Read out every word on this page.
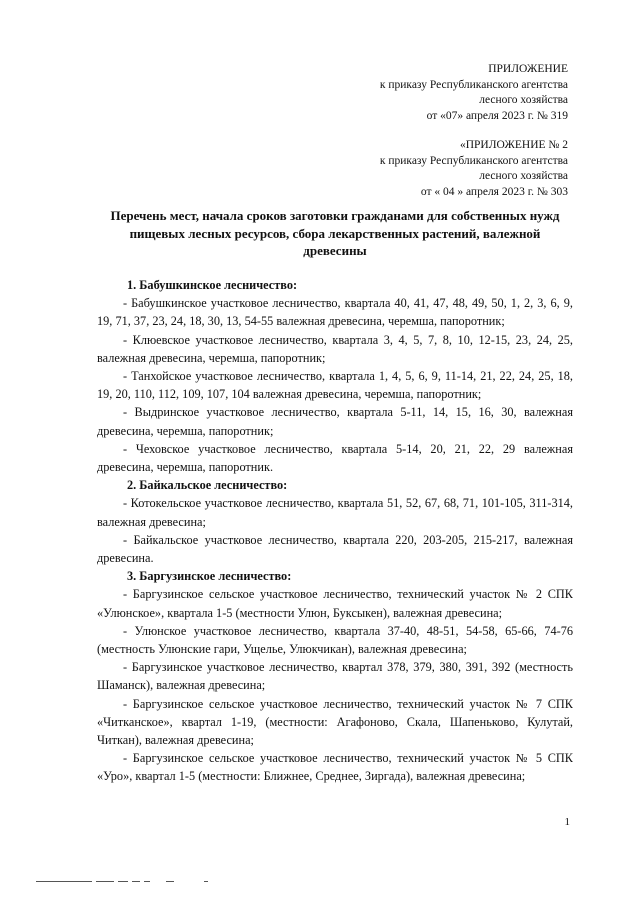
ПРИЛОЖЕНИЕ
к приказу Республиканского агентства
лесного хозяйства
от «07» апреля 2023 г. № 319
«ПРИЛОЖЕНИЕ № 2
к приказу Республиканского агентства
лесного хозяйства
от « 04 » апреля 2023 г. № 303
Перечень мест, начала сроков заготовки гражданами для собственных нужд пищевых лесных ресурсов, сбора лекарственных растений, валежной древесины
1. Бабушкинское лесничество:
- Бабушкинское участковое лесничество, квартала 40, 41, 47, 48, 49, 50, 1, 2, 3, 6, 9, 19, 71, 37, 23, 24, 18, 30, 13, 54-55 валежная древесина, черемша, папоротник;
- Клюевское участковое лесничество, квартала 3, 4, 5, 7, 8, 10, 12-15, 23, 24, 25, валежная древесина, черемша, папоротник;
- Танхойское участковое лесничество, квартала 1, 4, 5, 6, 9, 11-14, 21, 22, 24, 25, 18, 19, 20, 110, 112, 109, 107, 104 валежная древесина, черемша, папоротник;
- Выдринское участковое лесничество, квартала 5-11, 14, 15, 16, 30, валежная древесина, черемша, папоротник;
- Чеховское участковое лесничество, квартала 5-14, 20, 21, 22, 29 валежная древесина, черемша, папоротник.
2. Байкальское лесничество:
- Котокельское участковое лесничество, квартала 51, 52, 67, 68, 71, 101-105, 311-314, валежная древесина;
- Байкальское участковое лесничество, квартала 220, 203-205, 215-217, валежная древесина.
3. Баргузинское лесничество:
- Баргузинское сельское участковое лесничество, технический участок № 2 СПК «Улюнское», квартала 1-5 (местности Улюн, Буксыкен), валежная древесина;
- Улюнское участковое лесничество, квартала 37-40, 48-51, 54-58, 65-66, 74-76 (местность Улюнские гари, Ущелье, Улюкчикан), валежная древесина;
- Баргузинское участковое лесничество, квартал 378, 379, 380, 391, 392 (местность Шаманск), валежная древесина;
- Баргузинское сельское участковое лесничество, технический участок № 7 СПК «Читканское», квартал 1-19, (местности: Агафоново, Скала, Шапеньково, Кулутай, Читкан), валежная древесина;
- Баргузинское сельское участковое лесничество, технический участок № 5 СПК «Уро», квартал 1-5 (местности: Ближнее, Среднее, Зиргада), валежная древесина;
1
